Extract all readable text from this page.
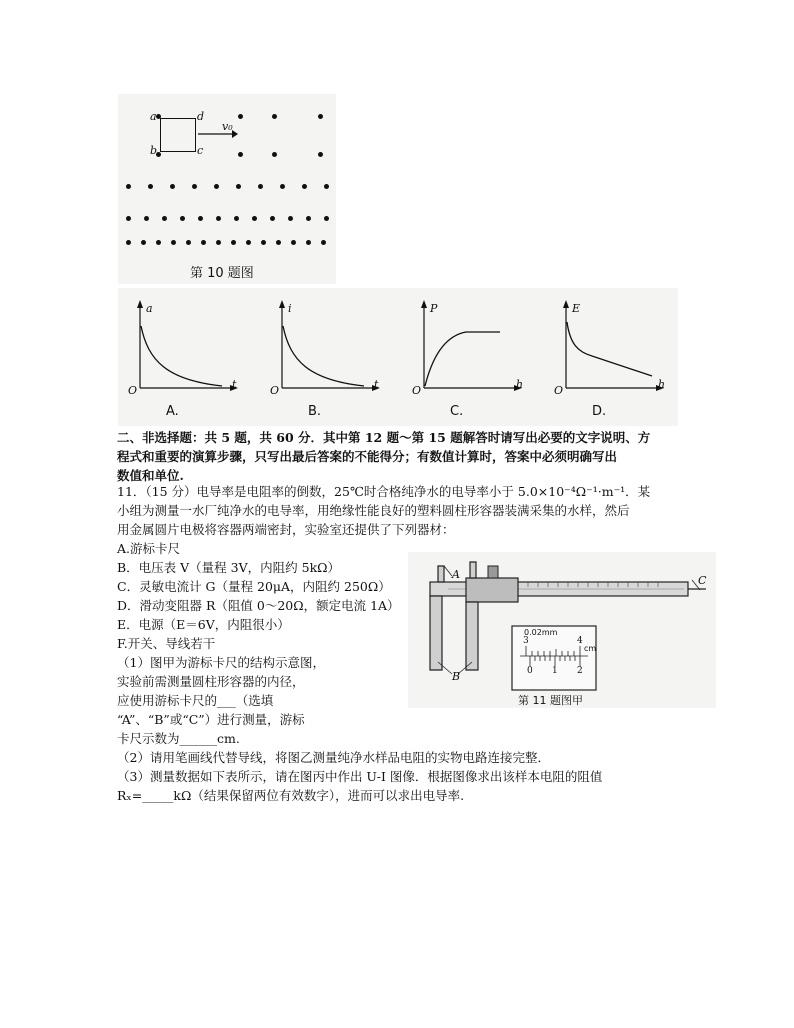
a
b	c
d
v₀
第 10 题图
a
t
O
A.
i
t
O
B.
P
h
O
C.
E
h
O
D.
二、非选择题：共 5 题，共 60 分．其中第 12 题～第 15 题解答时请写出必要的文字说明、方
程式和重要的演算步骤，只写出最后答案的不能得分；有数值计算时，答案中必须明确写出
数值和单位.
11．（15 分）电导率是电阻率的倒数，25℃时合格纯净水的电导率小于 5.0×10⁻⁴Ω⁻¹·m⁻¹．某
小组为测量一水厂纯净水的电导率，用绝缘性能良好的塑料圆柱形容器装满采集的水样，然后
用金属圆片电极将容器两端密封，实验室还提供了下列器材：
A.游标卡尺
B．电压表 V（量程 3V，内阻约 5kΩ）
C．灵敏电流计 G（量程 20μA，内阻约 250Ω）
D．滑动变阻器 R（阻值 0～20Ω，额定电流 1A）
E．电源（E＝6V，内阻很小）
F.开关、导线若干
（1）图甲为游标卡尺的结构示意图，
实验前需测量圆柱形容器的内径，
应使用游标卡尺的___（选填
“A”、“B”或“C”）进行测量，游标
卡尺示数为______cm.
（2）请用笔画线代替导线，将图乙测量纯净水样品电阻的实物电路连接完整．
（3）测量数据如下表所示，请在图丙中作出 U-I 图像．根据图像求出该样本电阻的阻值
Rₓ=_____kΩ（结果保留两位有效数字），进而可以求出电导率.
0.02mm
3	4
cm
0 1 2
A
B
C
第 11 题图甲
